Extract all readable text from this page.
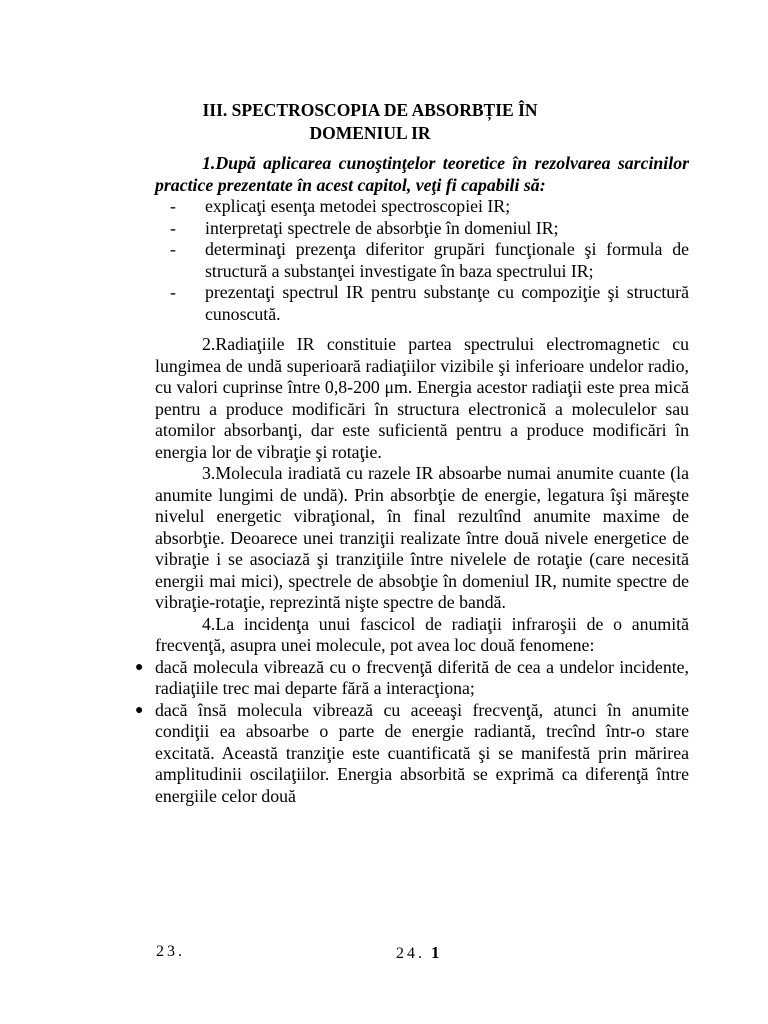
III. SPECTROSCOPIA DE ABSORBȚIE ÎN
DOMENIUL IR

1.După aplicarea cunoştinţelor teoretice în rezolvarea sarcinilor practice prezentate în acest capitol, veţi fi capabili să:

- explicaţi esenţa metodei spectroscopiei IR;
- interpretaţi spectrele de absorbţie în domeniul IR;
- determinaţi prezenţa diferitor grupări funcţionale şi formula de structură a substanţei investigate în baza spectrului IR;
- prezentaţi spectrul IR pentru substanţe cu compoziţie şi structură cunoscută.

2.Radiaţiile IR constituie partea spectrului electromagnetic cu lungimea de undă superioară radiaţiilor vizibile şi inferioare undelor radio, cu valori cuprinse între 0,8-200 μm. Energia acestor radiaţii este prea mică pentru a produce modificări în structura electronică a moleculelor sau atomilor absorbanţi, dar este suficientă pentru a produce modificări în energia lor de vibraţie şi rotaţie.

3.Molecula iradiată cu razele IR absoarbe numai anumite cuante (la anumite lungimi de undă). Prin absorbţie de energie, legatura îşi măreşte nivelul energetic vibraţional, în final rezultînd anumite maxime de absorbţie. Deoarece unei tranziţii realizate între două nivele energetice de vibraţie i se asociază şi tranziţiile între nivelele de rotaţie (care necesită energii mai mici), spectrele de absobţie în domeniul IR, numite spectre de vibraţie-rotaţie, reprezintă nişte spectre de bandă.

4.La incidenţa unui fascicol de radiaţii infraroşii de o anumită frecvenţă, asupra unei molecule, pot avea loc două fenomene:

● dacă molecula vibrează cu o frecvenţă diferită de cea a undelor incidente, radiaţiile trec mai departe fără a interacţiona;
● dacă însă molecula vibrează cu aceeaşi frecvenţă, atunci în anumite condiţii ea absoarbe o parte de energie radiantă, trecînd într-o stare excitată. Această tranziţie este cuantificată şi se manifestă prin mărirea amplitudinii oscilaţiilor. Energia absorbită se exprimă ca diferenţă între energiile celor două
23.	24. 1
